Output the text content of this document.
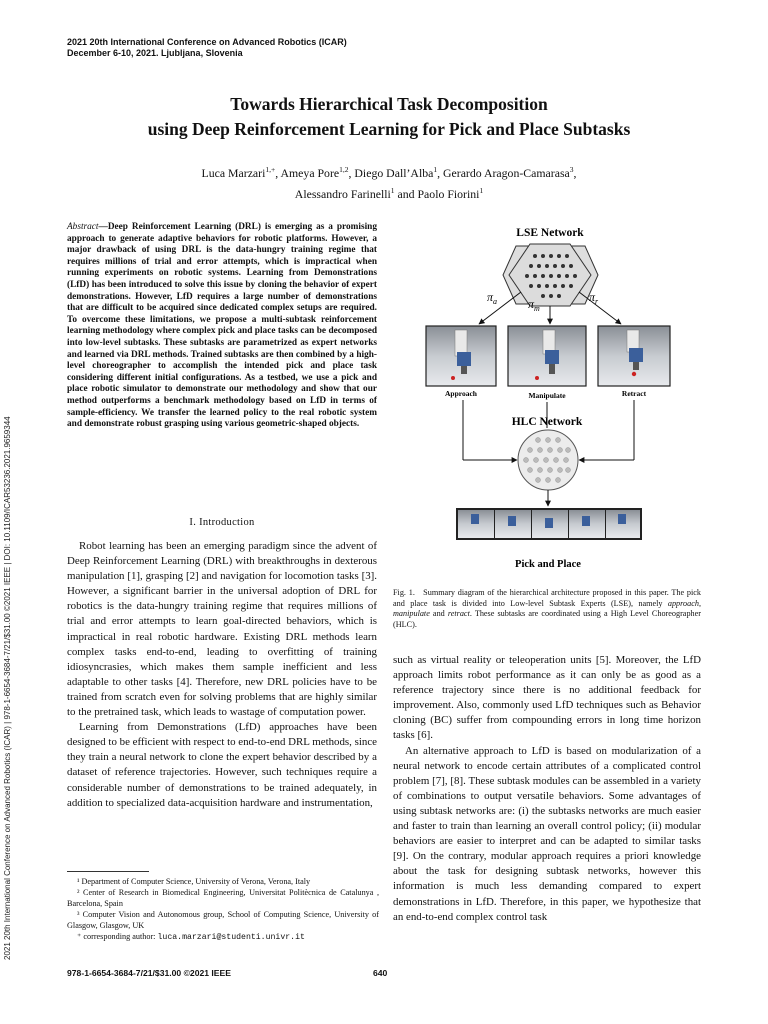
2021 20th International Conference on Advanced Robotics (ICAR)
December 6-10, 2021. Ljubljana, Slovenia
2021 20th International Conference on Advanced Robotics (ICAR) | 978-1-6654-3684-7/21/$31.00 ©2021 IEEE | DOI: 10.1109/ICAR53236.2021.9659344
Towards Hierarchical Task Decomposition
using Deep Reinforcement Learning for Pick and Place Subtasks
Luca Marzari$^{1,+}$, Ameya Pore$^{1,2}$, Diego Dall’Alba$^1$, Gerardo Aragon-Camarasa$^3$,
Alessandro Farinelli$^1$ and Paolo Fiorini$^1$
Abstract—Deep Reinforcement Learning (DRL) is emerging as a promising approach to generate adaptive behaviors for robotic platforms. However, a major drawback of using DRL is the data-hungry training regime that requires millions of trial and error attempts, which is impractical when running experiments on robotic systems. Learning from Demonstrations (LfD) has been introduced to solve this issue by cloning the behavior of expert demonstrations. However, LfD requires a large number of demonstrations that are difficult to be acquired since dedicated complex setups are required. To overcome these limitations, we propose a multi-subtask reinforcement learning methodology where complex pick and place tasks can be decomposed into low-level subtasks. These subtasks are parametrized as expert networks and learned via DRL methods. Trained subtasks are then combined by a high-level choreographer to accomplish the intended pick and place task considering different initial configurations. As a testbed, we use a pick and place robotic simulator to demonstrate our methodology and show that our method outperforms a benchmark methodology based on LfD in terms of sample-efficiency. We transfer the learned policy to the real robotic system and demonstrate robust grasping using various geometric-shaped objects.
I. Introduction

Robot learning has been an emerging paradigm since the advent of Deep Reinforcement Learning (DRL) with breakthroughs in dexterous manipulation [1], grasping [2] and navigation for locomotion tasks [3]. However, a significant barrier in the universal adoption of DRL for robotics is the data-hungry training regime that requires millions of trial and error attempts to learn goal-directed behaviors, which is impractical in real robotic hardware. Existing DRL methods learn complex tasks end-to-end, leading to overfitting of training idiosyncrasies, which makes them sample inefficient and less adaptable to other tasks [4]. Therefore, new DRL policies have to be trained from scratch even for solving problems that are highly similar to the pretrained task, which leads to wastage of computation power.

Learning from Demonstrations (LfD) approaches have been designed to be efficient with respect to end-to-end DRL methods, since they train a neural network to clone the expert behavior described by a dataset of reference trajectories. However, such techniques require a considerable number of demonstrations to be trained adequately, in addition to specialized data-acquisition hardware and instrumentation,

¹ Department of Computer Science, University of Verona, Verona, Italy
² Center of Research in Biomedical Engineering, Universitat Politècnica de Catalunya , Barcelona, Spain
³ Computer Vision and Autonomous group, School of Computing Science, University of Glasgow, Glasgow, UK
⁺ corresponding author: luca.marzari@studenti.univr.it
LSE Network
$\pi_a$	$\pi_m$
$\pi_r$
Approach	Manipulate	Retract
HLC Network
Pick and Place
Fig. 1. Summary diagram of the hierarchical architecture proposed in this paper. The pick and place task is divided into Low-level Subtask Experts (LSE), namely approach, manipulate and retract. These subtasks are coordinated using a High Level Choreographer (HLC).

such as virtual reality or teleoperation units [5]. Moreover, the LfD approach limits robot performance as it can only be as good as a reference trajectory since there is no additional feedback for improvement. Also, commonly used LfD techniques such as Behavior cloning (BC) suffer from compounding errors in long time horizon tasks [6].

An alternative approach to LfD is based on modularization of a neural network to encode certain attributes of a complicated control problem [7], [8]. These subtask modules can be assembled in a variety of combinations to output versatile behaviors. Some advantages of using subtask networks are: (i) the subtasks networks are much easier and faster to train than learning an overall control policy; (ii) modular behaviors are easier to interpret and can be adapted to similar tasks [9]. On the contrary, modular approach requires a priori knowledge about the task for designing subtask networks, however this information is much less demanding compared to expert demonstrations in LfD. Therefore, in this paper, we hypothesize that an end-to-end complex control task

978-1-6654-3684-7/21/$31.00 ©2021 IEEE	640
